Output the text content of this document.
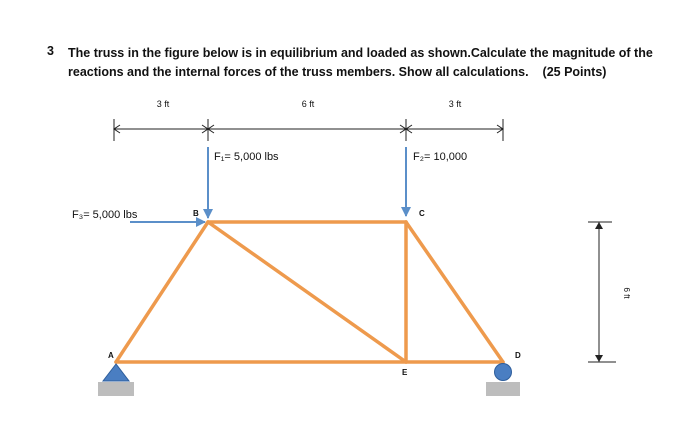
3 The truss in the figure below is in equilibrium and loaded as shown.Calculate the magnitude of the
reactions and the internal forces of the truss members. Show all calculations. (25 Points)
3 ft	6 ft	3 ft
6 ft
F₁= 5,000 lbs	F₂= 10,000
F₃= 5,000 lbs
A
B	C
D
E
